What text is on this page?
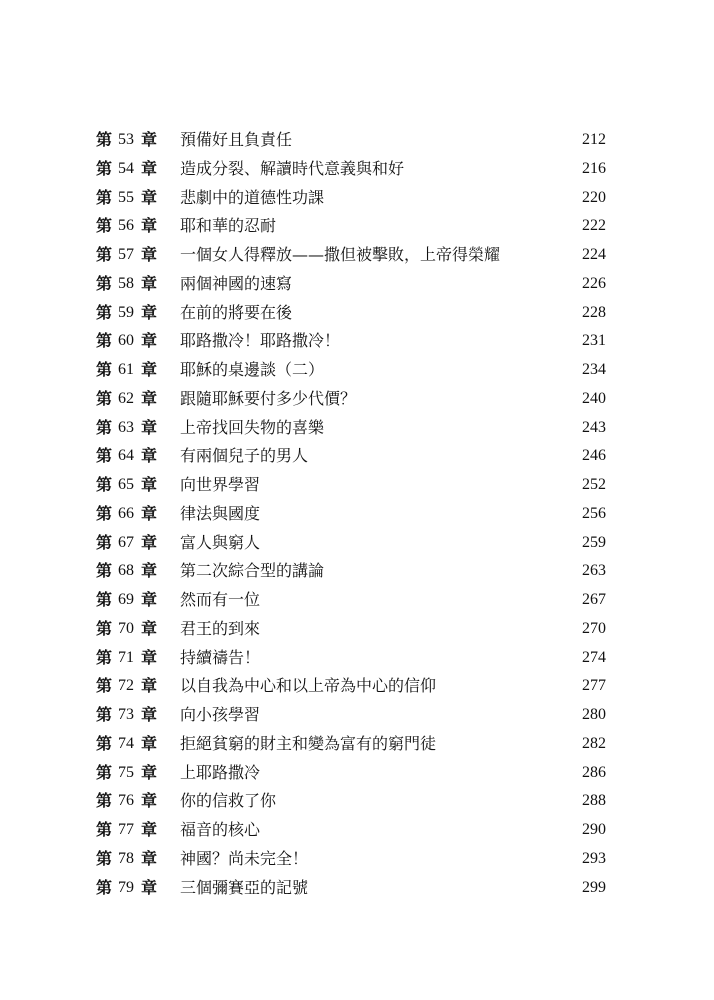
第 53 章 預備好且負責任	212
第 54 章 造成分裂、解讀時代意義與和好	216
第 55 章 悲劇中的道德性功課	220
第 56 章 耶和華的忍耐	222
第 57 章 一個女人得釋放——撒但被擊敗，上帝得榮耀	224
第 58 章 兩個神國的速寫	226
第 59 章 在前的將要在後	228
第 60 章 耶路撒冷！耶路撒冷！	231
第 61 章 耶穌的桌邊談（二）	234
第 62 章 跟隨耶穌要付多少代價？	240
第 63 章 上帝找回失物的喜樂	243
第 64 章 有兩個兒子的男人	246
第 65 章 向世界學習	252
第 66 章 律法與國度	256
第 67 章 富人與窮人	259
第 68 章 第二次綜合型的講論	263
第 69 章 然而有一位	267
第 70 章 君王的到來	270
第 71 章 持續禱告！	274
第 72 章 以自我為中心和以上帝為中心的信仰	277
第 73 章 向小孩學習	280
第 74 章 拒絕貧窮的財主和變為富有的窮門徒	282
第 75 章 上耶路撒冷	286
第 76 章 你的信救了你	288
第 77 章 福音的核心	290
第 78 章 神國？尚未完全！	293
第 79 章 三個彌賽亞的記號	299
